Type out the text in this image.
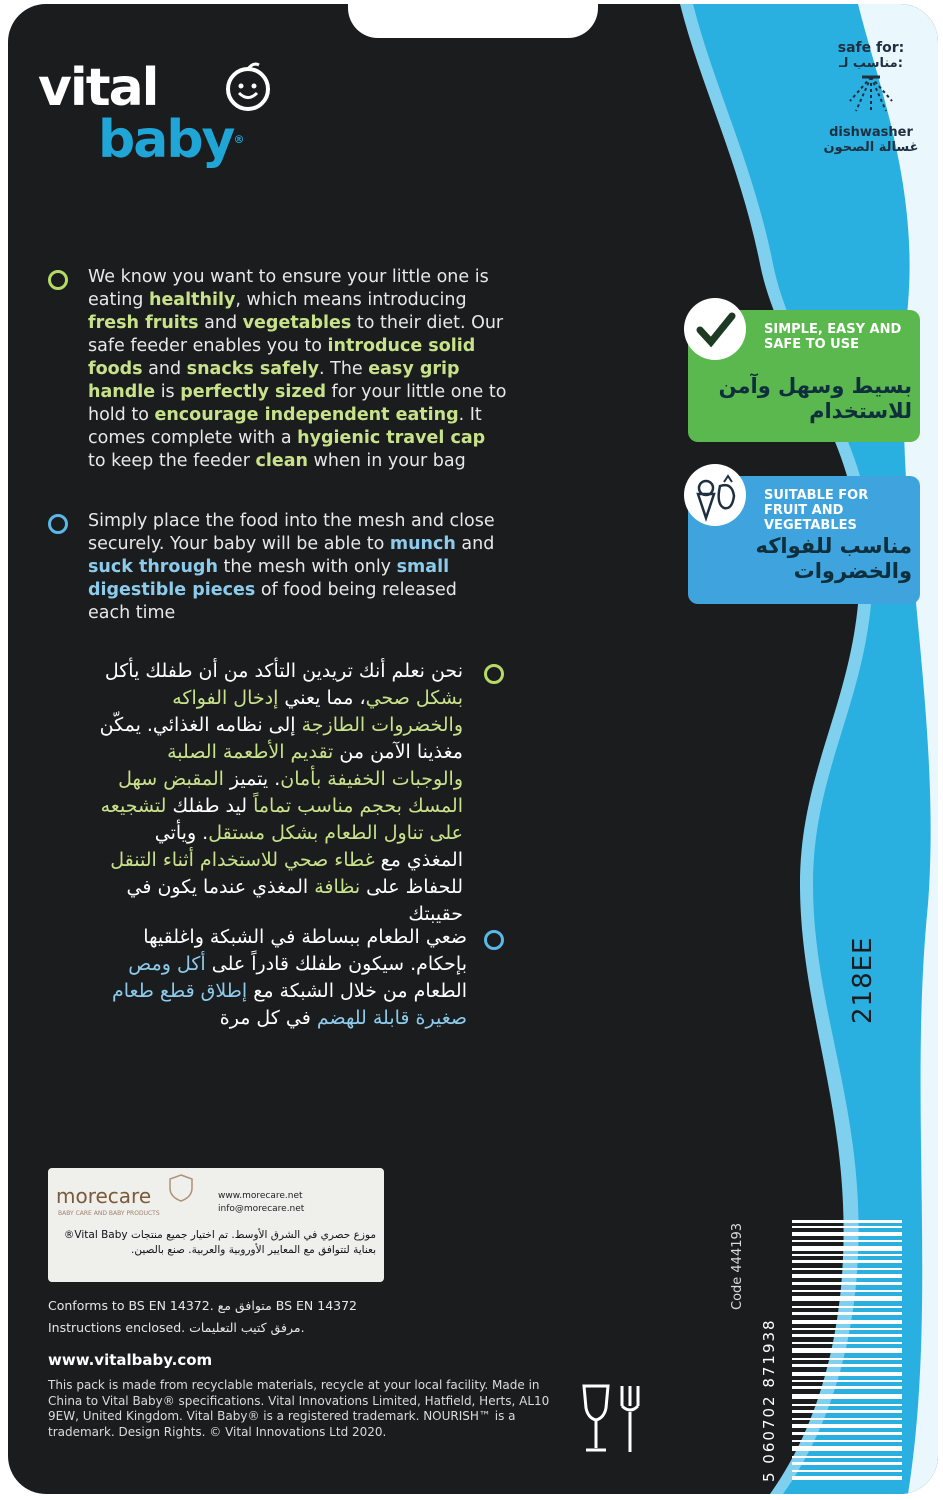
vital
baby®
safe for:
مناسب لـ:
dishwasher
غسالة الصحون
SIMPLE, EASY AND SAFE TO USE
بسيط وسهل وآمن للاستخدام
SUITABLE FOR FRUIT AND VEGETABLES
مناسب للفواكه والخضروات
We know you want to ensure your little one is eating healthily, which means introducing fresh fruits and vegetables to their diet. Our safe feeder enables you to introduce solid foods and snacks safely. The easy grip handle is perfectly sized for your little one to hold to encourage independent eating. It comes complete with a hygienic travel cap to keep the feeder clean when in your bag
Simply place the food into the mesh and close securely. Your baby will be able to munch and suck through the mesh with only small digestible pieces of food being released each time
نحن نعلم أنك تريدين التأكد من أن طفلك يأكل بشكل صحي، مما يعني إدخال الفواكه والخضروات الطازجة إلى نظامه الغذائي. يمكّن مغذينا الآمن من تقديم الأطعمة الصلبة والوجبات الخفيفة بأمان. يتميز المقبض سهل المسك بحجم مناسب تماماً ليد طفلك لتشجيعه على تناول الطعام بشكل مستقل. ويأتي المغذي مع غطاء صحي للاستخدام أثناء التنقل للحفاظ على نظافة المغذي عندما يكون في حقيبتك
ضعي الطعام ببساطة في الشبكة واغلقيها بإحكام. سيكون طفلك قادراً على أكل ومص الطعام من خلال الشبكة مع إطلاق قطع طعام صغيرة قابلة للهضم في كل مرة
morecare
BABY CARE AND BABY PRODUCTS
www.morecare.net
info@morecare.net
موزع حصري في الشرق الأوسط. تم اختيار جميع منتجات Vital Baby® بعناية لتتوافق مع المعايير الأوروبية والعربية. صنع بالصين.
Conforms to BS EN 14372. متوافق مع BS EN 14372
Instructions enclosed. مرفق كتيب التعليمات.
www.vitalbaby.com
This pack is made from recyclable materials, recycle at your local facility. Made in China to Vital Baby® specifications. Vital Innovations Limited, Hatfield, Herts, AL10 9EW, United Kingdom. Vital Baby® is a registered trademark. NOURISH™ is a trademark. Design Rights. © Vital Innovations Ltd 2020.
Code 444193
5 060702 871938
218EE
